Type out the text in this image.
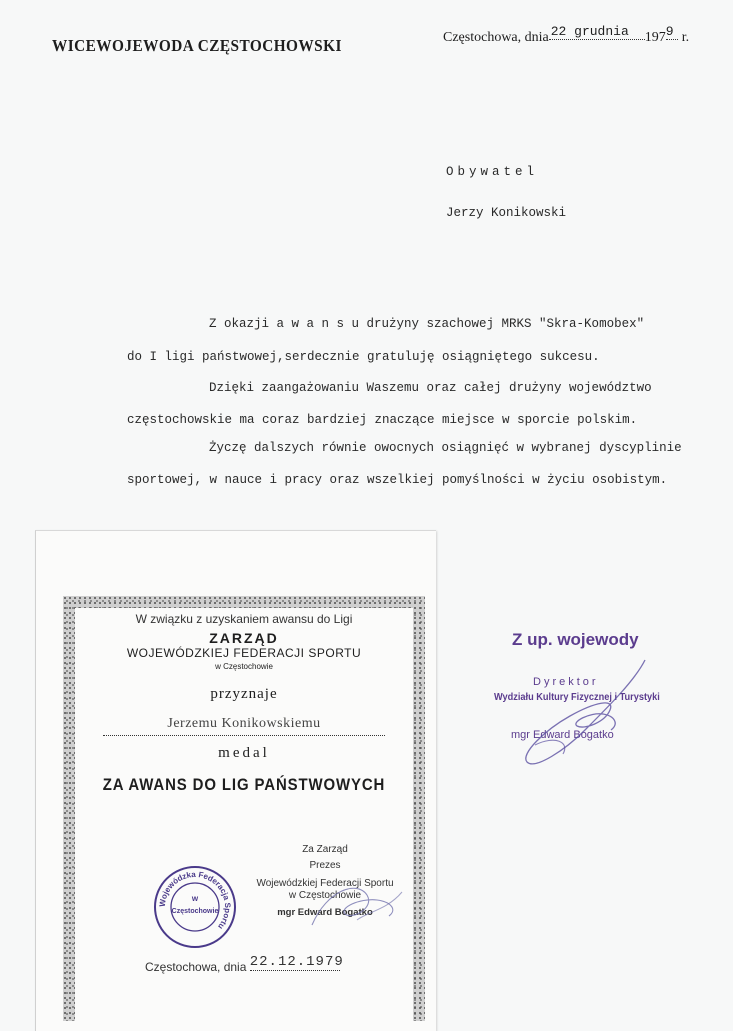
WICEWOJEWODA CZĘSTOCHOWSKI	Częstochowa, dnia 22 grudnia 1979 r.
Obywatel
Jerzy Konikowski
Z okazji a w a n s u drużyny szachowej MRKS "Skra-Komobex"
do I ligi państwowej,serdecznie gratuluję osiągniętego sukcesu.
Dzięki zaangażowaniu Waszemu oraz całej drużyny województwo
częstochowskie ma coraz bardziej znaczące miejsce w sporcie polskim.
Życzę dalszych równie owocnych osiągnięć w wybranej dyscyplinie
sportowej, w nauce i pracy oraz wszelkiej pomyślności w życiu osobistym.
Z up. wojewody
Dyrektor
Wydziału Kultury Fizycznej i Turystyki
mgr Edward Bogatko
W związku z uzyskaniem awansu do Ligi
ZARZĄD
WOJEWÓDZKIEJ FEDERACJI SPORTU
w Częstochowie
przyznaje
Jerzemu Konikowskiemu
medal
ZA AWANS DO LIG PAŃSTWOWYCH
Za Zarząd
Prezes
Wojewódzkiej Federacji Sportu
w Częstochowie
mgr Edward Bogatko
Wojewódzka Federacja Sportu
w
Częstochowie
Częstochowa, dnia 22.12.1979
